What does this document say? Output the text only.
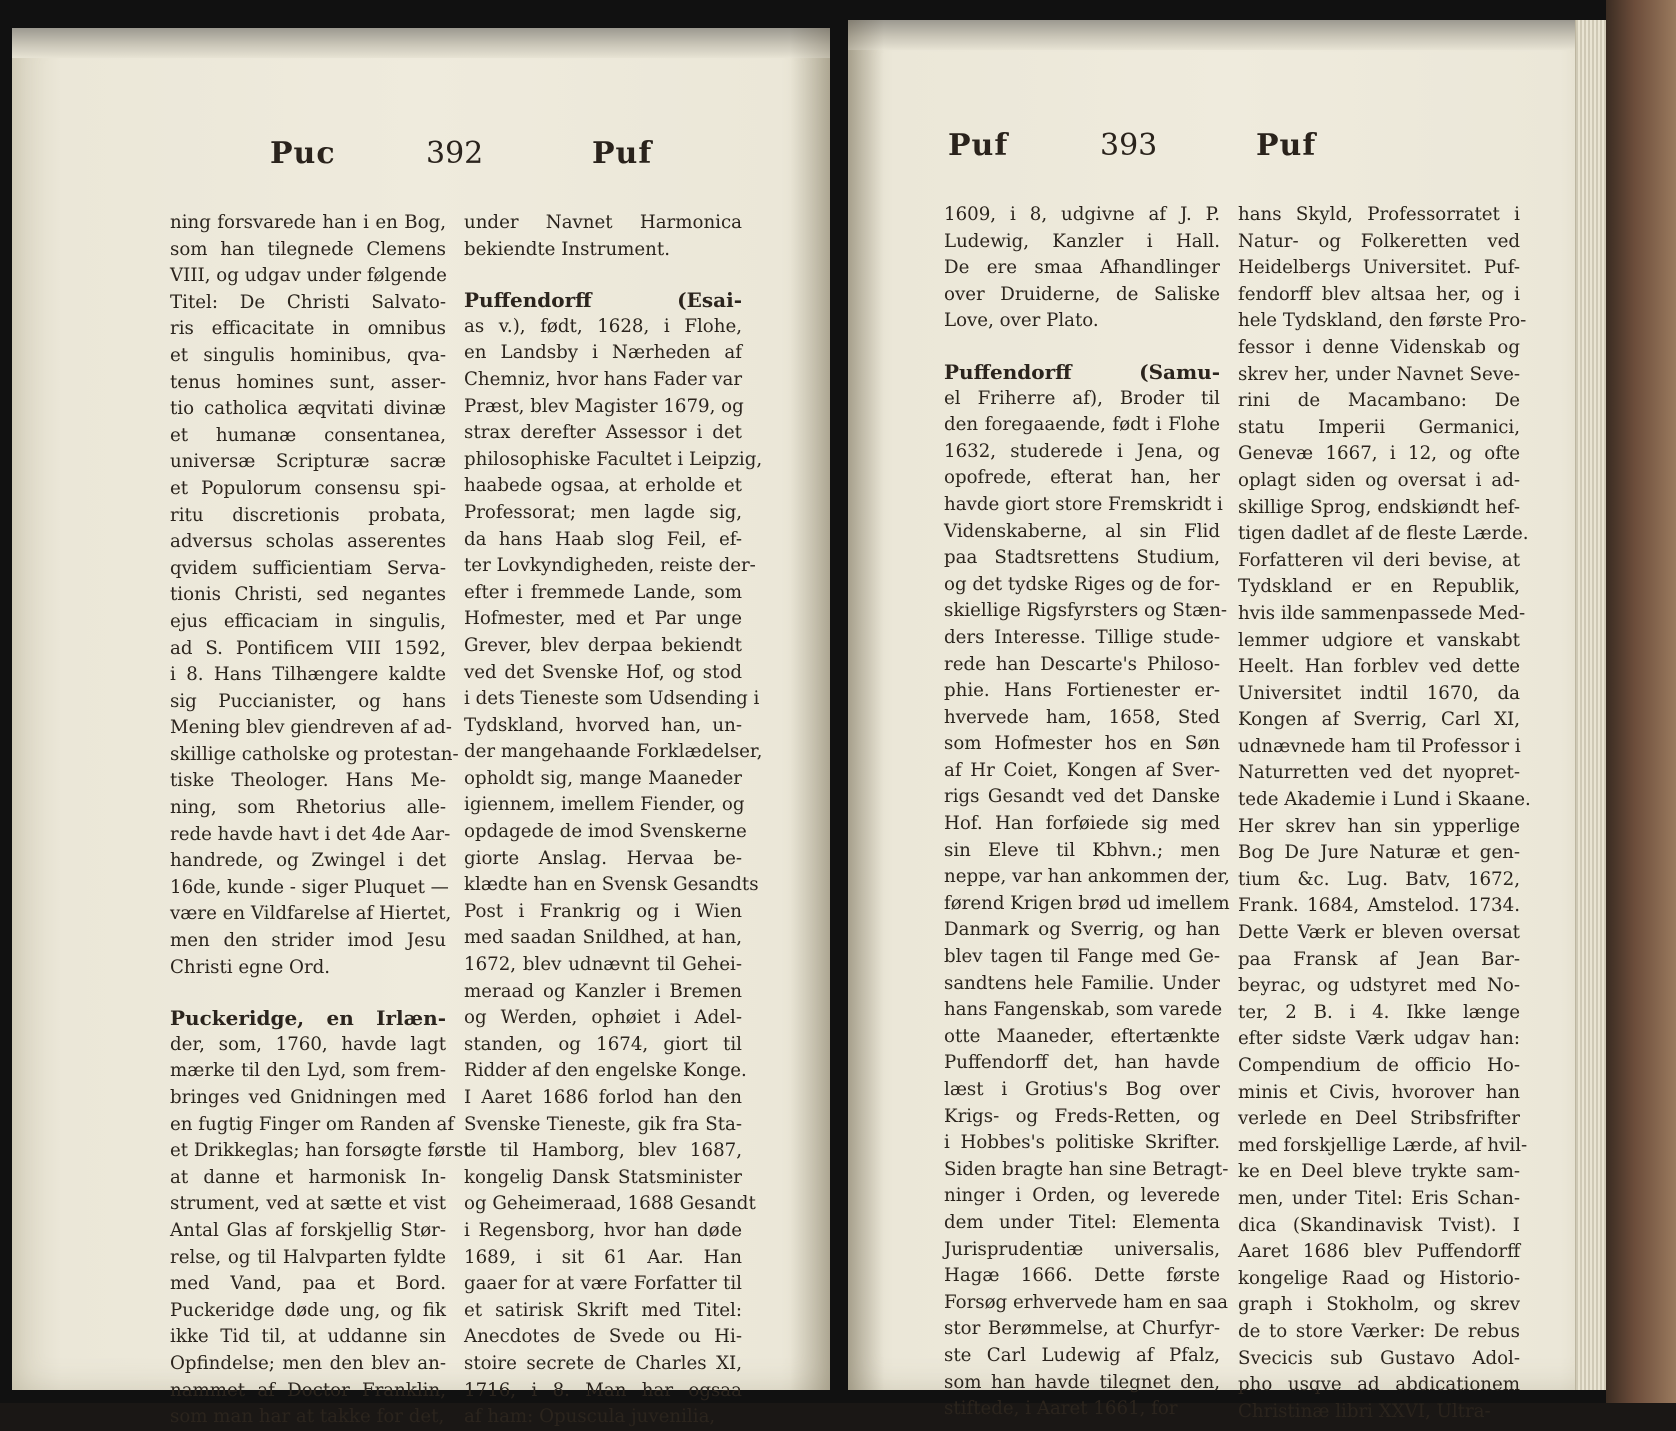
Puc	392	Puf
ning forsvarede han i en Bog,
som han tilegnede Clemens
VIII, og udgav under følgende
Titel: De Christi Salvato-
ris efficacitate in omnibus
et singulis hominibus, qva-
tenus homines sunt, asser-
tio catholica æqvitati divinæ
et humanæ consentanea,
universæ Scripturæ sacræ
et Populorum consensu spi-
ritu discretionis probata,
adversus scholas asserentes
qvidem sufficientiam Serva-
tionis Christi, sed negantes
ejus efficaciam in singulis,
ad S. Pontificem VIII 1592,
i 8. Hans Tilhængere kaldte
sig Puccianister, og hans
Mening blev giendreven af ad-
skillige catholske og protestan-
tiske Theologer. Hans Me-
ning, som Rhetorius alle-
rede havde havt i det 4de Aar-
handrede, og Zwingel i det
16de, kunde - siger Pluquet —
være en Vildfarelse af Hiertet,
men den strider imod Jesu
Christi egne Ord.
Puckeridge, en Irlæn-
der, som, 1760, havde lagt
mærke til den Lyd, som frem-
bringes ved Gnidningen med
en fugtig Finger om Randen af
et Drikkeglas; han forsøgte først
at danne et harmonisk In-
strument, ved at sætte et vist
Antal Glas af forskjellig Stør-
relse, og til Halvparten fyldte
med Vand, paa et Bord.
Puckeridge døde ung, og fik
ikke Tid til, at uddanne sin
Opfindelse; men den blev an-
nammet af Doctor Franklin,
som man har at takke for det,
under Navnet Harmonica
bekiendte Instrument.
Puffendorff (Esai-
as v.), født, 1628, i Flohe,
en Landsby i Nærheden af
Chemniz, hvor hans Fader var
Præst, blev Magister 1679, og
strax derefter Assessor i det
philosophiske Facultet i Leipzig,
haabede ogsaa, at erholde et
Professorat; men lagde sig,
da hans Haab slog Feil, ef-
ter Lovkyndigheden, reiste der-
efter i fremmede Lande, som
Hofmester, med et Par unge
Grever, blev derpaa bekiendt
ved det Svenske Hof, og stod
i dets Tieneste som Udsending i
Tydskland, hvorved han, un-
der mangehaande Forklædelser,
opholdt sig, mange Maaneder
igiennem, imellem Fiender, og
opdagede de imod Svenskerne
giorte Anslag. Hervaa be-
klædte han en Svensk Gesandts
Post i Frankrig og i Wien
med saadan Snildhed, at han,
1672, blev udnævnt til Gehei-
meraad og Kanzler i Bremen
og Werden, ophøiet i Adel-
standen, og 1674, giort til
Ridder af den engelske Konge.
I Aaret 1686 forlod han den
Svenske Tieneste, gik fra Sta-
de til Hamborg, blev 1687,
kongelig Dansk Statsminister
og Geheimeraad, 1688 Gesandt
i Regensborg, hvor han døde
1689, i sit 61 Aar. Han
gaaer for at være Forfatter til
et satirisk Skrift med Titel:
Anecdotes de Svede ou Hi-
stoire secrete de Charles XI,
1716, i 8. Man har ogsaa
af ham: Opuscula juvenilia,
Puf	393	Puf
1609, i 8, udgivne af J. P.
Ludewig, Kanzler i Hall.
De ere smaa Afhandlinger
over Druiderne, de Saliske
Love, over Plato.
Puffendorff (Samu-
el Friherre af), Broder til
den foregaaende, født i Flohe
1632, studerede i Jena, og
opofrede, efterat han, her
havde giort store Fremskridt i
Videnskaberne, al sin Flid
paa Stadtsrettens Studium,
og det tydske Riges og de for-
skiellige Rigsfyrsters og Stæn-
ders Interesse. Tillige stude-
rede han Descarte's Philoso-
phie. Hans Fortienester er-
hvervede ham, 1658, Sted
som Hofmester hos en Søn
af Hr Coiet, Kongen af Sver-
rigs Gesandt ved det Danske
Hof. Han forføiede sig med
sin Eleve til Kbhvn.; men
neppe, var han ankommen der,
førend Krigen brød ud imellem
Danmark og Sverrig, og han
blev tagen til Fange med Ge-
sandtens hele Familie. Under
hans Fangenskab, som varede
otte Maaneder, eftertænkte
Puffendorff det, han havde
læst i Grotius's Bog over
Krigs- og Freds-Retten, og
i Hobbes's politiske Skrifter.
Siden bragte han sine Betragt-
ninger i Orden, og leverede
dem under Titel: Elementa
Jurisprudentiæ universalis,
Hagæ 1666. Dette første
Forsøg erhvervede ham en saa
stor Berømmelse, at Churfyr-
ste Carl Ludewig af Pfalz,
som han havde tilegnet den,
stiftede, i Aaret 1661, for
hans Skyld, Professorratet i
Natur- og Folkeretten ved
Heidelbergs Universitet. Puf-
fendorff blev altsaa her, og i
hele Tydskland, den første Pro-
fessor i denne Videnskab og
skrev her, under Navnet Seve-
rini de Macambano: De
statu Imperii Germanici,
Genevæ 1667, i 12, og ofte
oplagt siden og oversat i ad-
skillige Sprog, endskiøndt hef-
tigen dadlet af de fleste Lærde.
Forfatteren vil deri bevise, at
Tydskland er en Republik,
hvis ilde sammenpassede Med-
lemmer udgiore et vanskabt
Heelt. Han forblev ved dette
Universitet indtil 1670, da
Kongen af Sverrig, Carl XI,
udnævnede ham til Professor i
Naturretten ved det nyopret-
tede Akademie i Lund i Skaane.
Her skrev han sin ypperlige
Bog De Jure Naturæ et gen-
tium &c. Lug. Batv, 1672,
Frank. 1684, Amstelod. 1734.
Dette Værk er bleven oversat
paa Fransk af Jean Bar-
beyrac, og udstyret med No-
ter, 2 B. i 4. Ikke længe
efter sidste Værk udgav han:
Compendium de officio Ho-
minis et Civis, hvorover han
verlede en Deel Stribsfrifter
med forskjellige Lærde, af hvil-
ke en Deel bleve trykte sam-
men, under Titel: Eris Schan-
dica (Skandinavisk Tvist). I
Aaret 1686 blev Puffendorff
kongelige Raad og Historio-
graph i Stokholm, og skrev
de to store Værker: De rebus
Svecicis sub Gustavo Adol-
pho usqve ad abdicationem
Christinæ libri XXVI, Ultra-
